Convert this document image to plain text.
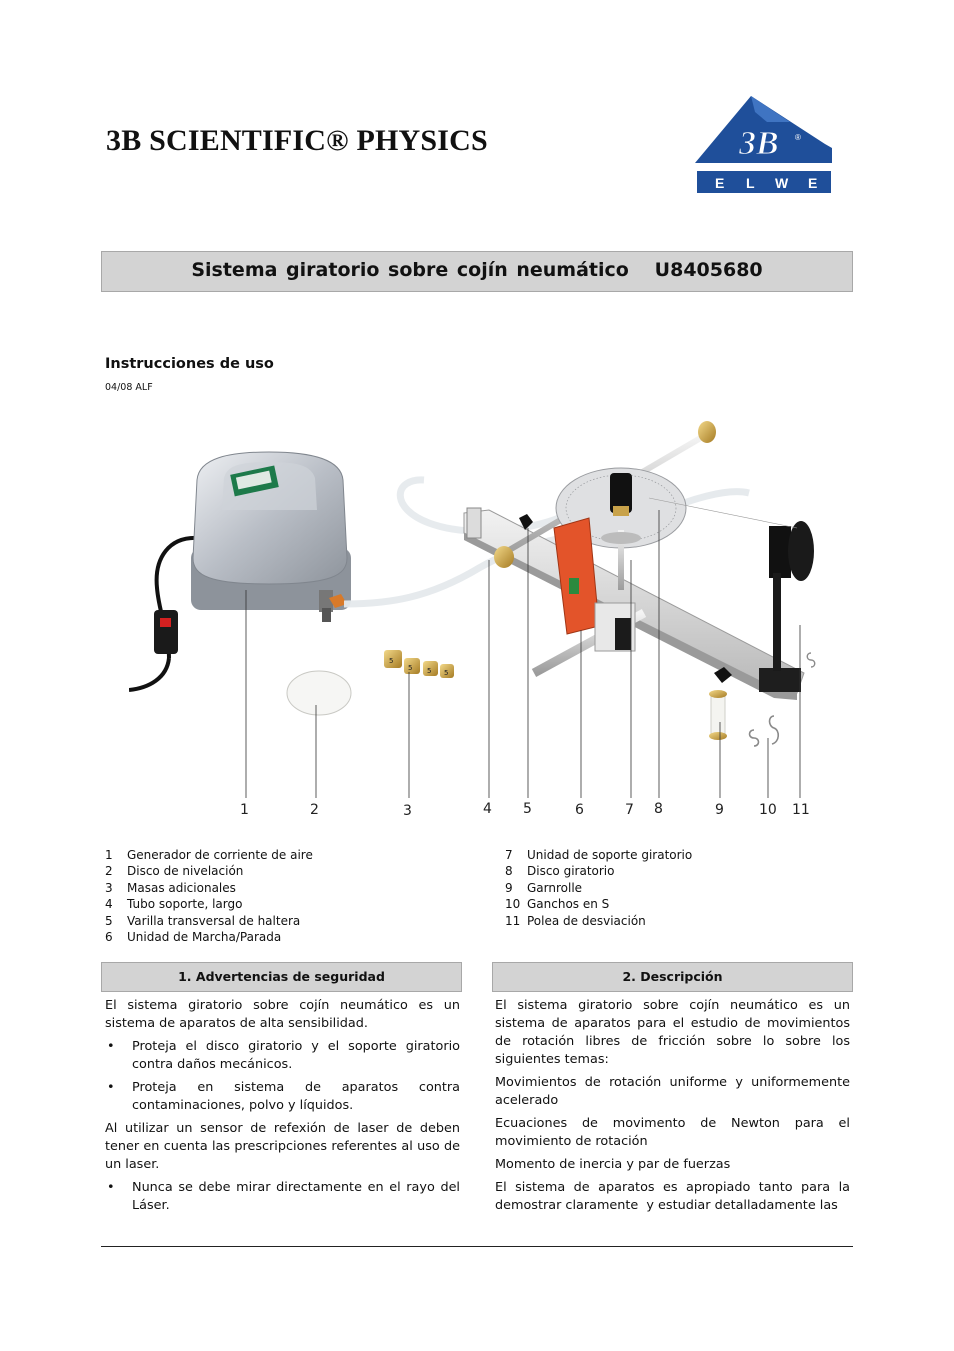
3B SCIENTIFIC® PHYSICS	3B ®
E L W E
Sistema giratorio sobre cojín neumático   U8405680
Instrucciones de uso
04/08 ALF
5
5 5 5
1	2	3	4 5	6	7 8	9	10 11
1	Generador de corriente de aire
2	Disco de nivelación
3	Masas adicionales
4	Tubo soporte, largo
5	Varilla transversal de haltera
6	Unidad de Marcha/Parada
7	Unidad de soporte giratorio
8	Disco giratorio
9	Garnrolle
10 Ganchos en S
11 Polea de desviación
1. Advertencias de seguridad	2. Descripción

El sistema giratorio sobre cojín neumático es un sistema de aparatos de alta sensibilidad.

•	Proteja el disco giratorio y el soporte giratorio contra daños mecánicos.

•	Proteja en sistema de aparatos contra contaminaciones, polvo y líquidos.

Al utilizar un sensor de refexión de laser de deben tener en cuenta las prescripciones referentes al uso de un laser.

•	Nunca se debe mirar directamente en el rayo del Láser.

El sistema giratorio sobre cojín neumático es un sistema de aparatos para el estudio de movimientos de rotación libres de fricción sobre lo sobre los siguientes temas:

Movimientos de rotación uniforme y uniformemente acelerado

Ecuaciones de movimento de Newton para el movimiento de rotación

Momento de inercia y par de fuerzas

El sistema de aparatos es apropiado tanto para la demostrar claramente  y estudiar detalladamente las
